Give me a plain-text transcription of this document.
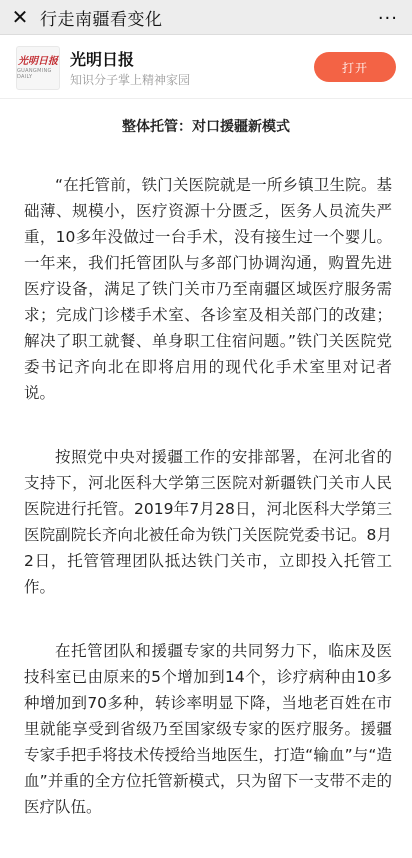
✕ 行走南疆看变化	···
光明日报
GUANGMING DAILY
光明日报
知识分子掌上精神家园
打开
整体托管：对口援疆新模式

“在托管前，铁门关医院就是一所乡镇卫生院。基础薄、规模小，医疗资源十分匮乏，医务人员流失严重，10多年没做过一台手术，没有接生过一个婴儿。一年来，我们托管团队与多部门协调沟通，购置先进医疗设备，满足了铁门关市乃至南疆区域医疗服务需求；完成门诊楼手术室、各诊室及相关部门的改建；解决了职工就餐、单身职工住宿问题。”铁门关医院党委书记齐向北在即将启用的现代化手术室里对记者说。

按照党中央对援疆工作的安排部署，在河北省的支持下，河北医科大学第三医院对新疆铁门关市人民医院进行托管。2019年7月28日，河北医科大学第三医院副院长齐向北被任命为铁门关医院党委书记。8月2日，托管管理团队抵达铁门关市，立即投入托管工作。

在托管团队和援疆专家的共同努力下，临床及医技科室已由原来的5个增加到14个，诊疗病种由10多种增加到70多种，转诊率明显下降，当地老百姓在市里就能享受到省级乃至国家级专家的医疗服务。援疆专家手把手将技术传授给当地医生，打造“输血”与“造血”并重的全方位托管新模式，只为留下一支带不走的医疗队伍。
